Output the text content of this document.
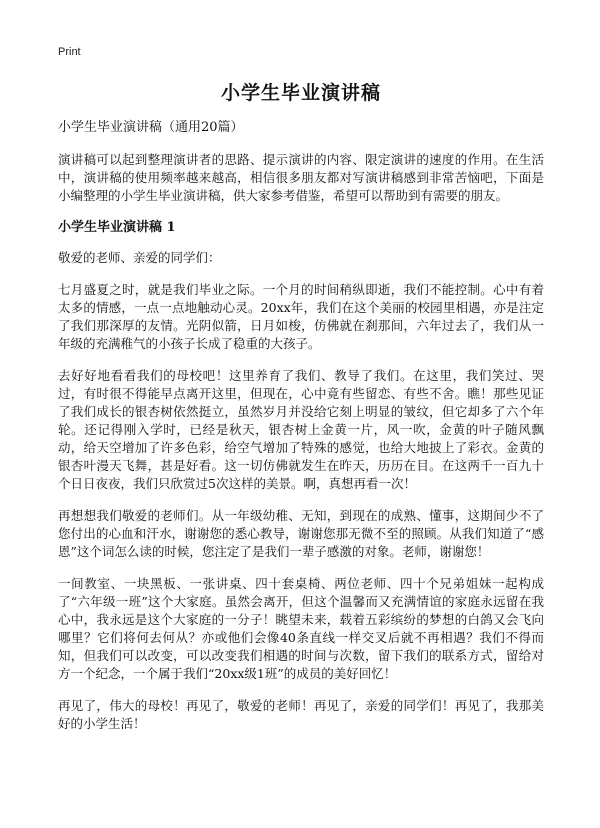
Print
小学生毕业演讲稿

小学生毕业演讲稿（通用20篇）

演讲稿可以起到整理演讲者的思路、提示演讲的内容、限定演讲的速度的作用。在生活中，演讲稿的使用频率越来越高，相信很多朋友都对写演讲稿感到非常苦恼吧，下面是小编整理的小学生毕业演讲稿，供大家参考借鉴，希望可以帮助到有需要的朋友。

小学生毕业演讲稿 1

敬爱的老师、亲爱的同学们：

七月盛夏之时，就是我们毕业之际。一个月的时间稍纵即逝，我们不能控制。心中有着太多的情感，一点一点地触动心灵。20xx年，我们在这个美丽的校园里相遇，亦是注定了我们那深厚的友情。光阴似箭，日月如梭，仿佛就在刹那间，六年过去了，我们从一年级的充满稚气的小孩子长成了稳重的大孩子。

去好好地看看我们的母校吧！这里养育了我们、教导了我们。在这里，我们笑过、哭过，有时很不得能早点离开这里，但现在，心中竟有些留恋、有些不舍。瞧！那些见证了我们成长的银杏树依然挺立，虽然岁月并没给它刻上明显的皱纹，但它却多了六个年轮。还记得刚入学时，已经是秋天，银杏树上金黄一片，风一吹，金黄的叶子随风飘动，给天空增加了许多色彩，给空气增加了特殊的感觉，也给大地披上了彩衣。金黄的银杏叶漫天飞舞，甚是好看。这一切仿佛就发生在昨天，历历在目。在这两千一百九十个日日夜夜，我们只欣赏过5次这样的美景。啊，真想再看一次！

再想想我们敬爱的老师们。从一年级幼稚、无知，到现在的成熟、懂事，这期间少不了您付出的心血和汗水，谢谢您的悉心教导，谢谢您那无微不至的照顾。从我们知道了“感恩”这个词怎么读的时候，您注定了是我们一辈子感激的对象。老师，谢谢您！

一间教室、一块黑板、一张讲桌、四十套桌椅、两位老师、四十个兄弟姐妹一起构成了“六年级一班”这个大家庭。虽然会离开，但这个温馨而又充满情谊的家庭永远留在我心中，我永远是这个大家庭的一分子！眺望未来，载着五彩缤纷的梦想的白鸽又会飞向哪里？它们将何去何从？亦或他们会像40条直线一样交叉后就不再相遇？我们不得而知，但我们可以改变，可以改变我们相遇的时间与次数，留下我们的联系方式，留给对方一个纪念，一个属于我们“20xx级1班”的成员的美好回忆！

再见了，伟大的母校！再见了，敬爱的老师！再见了，亲爱的同学们！再见了，我那美好的小学生活！
